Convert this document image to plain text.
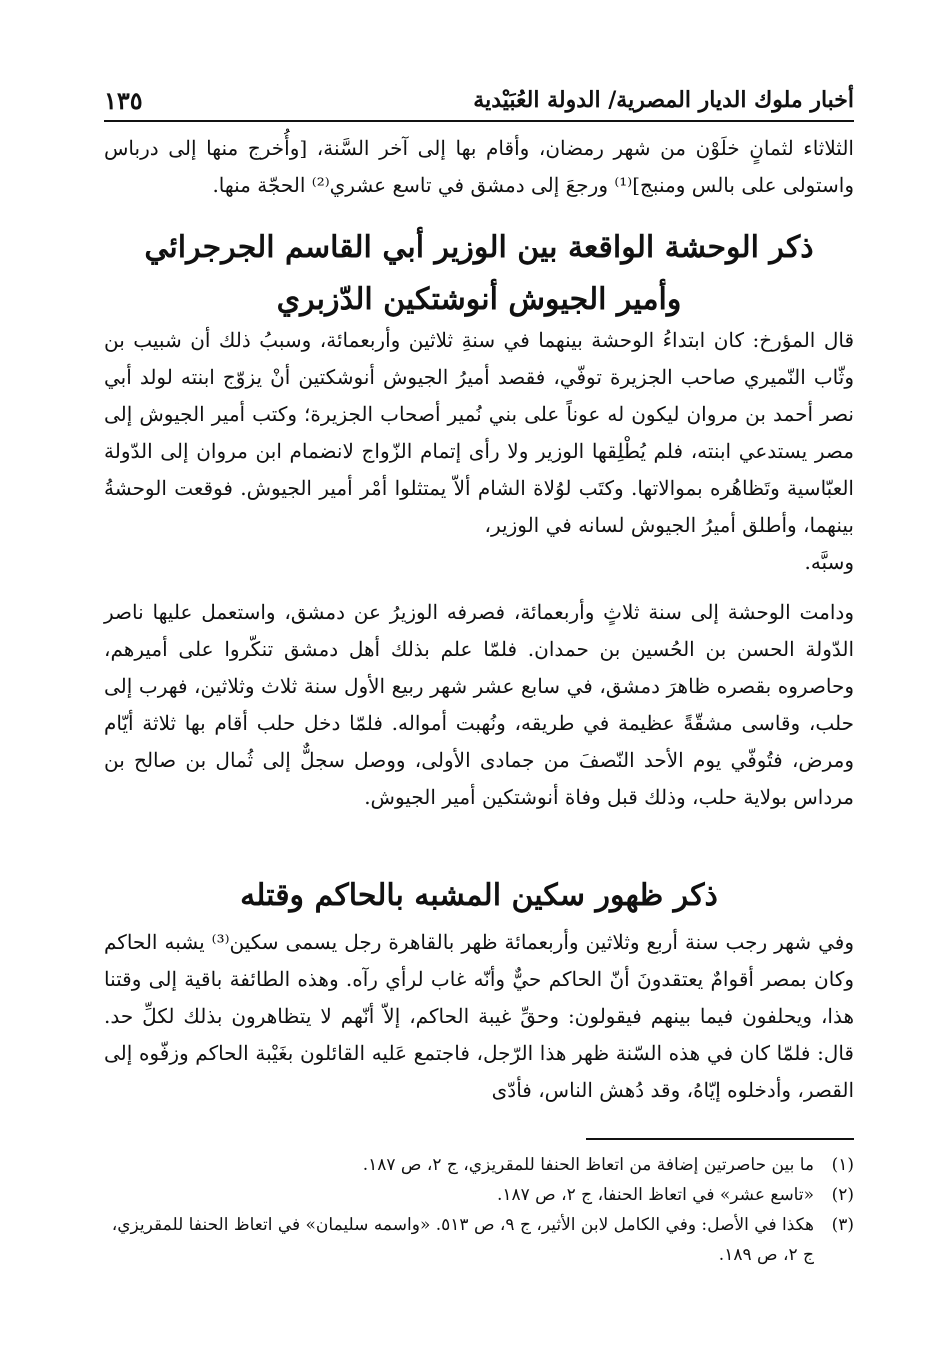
أخبار ملوك الديار المصرية/ الدولة العُبَيْدية
١٣٥
الثلاثاء لثمانٍ خلَوْن من شهر رمضان، وأقام بها إلى آخر السَّنة، [وأُخرج منها إلى درباس واستولى على بالس ومنبج]⁽¹⁾ ورجعَ إلى دمشق في تاسع عشري⁽²⁾ الحجّة منها.
ذكر الوحشة الواقعة بين الوزير أبي القاسم الجرجرائي
وأمير الجيوش أنوشتكين الدّزبري
قال المؤرخ: كان ابتداءُ الوحشة بينهما في سنةِ ثلاثين وأربعمائة، وسببُ ذلك أن شبيب بن وثّاب النّميري صاحب الجزيرة توفّي، فقصد أميرُ الجيوش أنوشكتين أنْ يزوّج ابنته لولد أبي نصر أحمد بن مروان ليكون له عوناً على بني نُمير أصحاب الجزيرة؛ وكتب أمير الجيوش إلى مصر يستدعي ابنته، فلم يُطْلِقها الوزير ولا رأى إتمام الزّواج لانضمام ابن مروان إلى الدّولة العبّاسية وتَظاهُره بموالاتها. وكتَب لوُلاة الشام ألاّ يمتثلوا أمْر أمير الجيوش. فوقعت الوحشةُ بينهما، وأطلق أميرُ الجيوش لسانه في الوزير،
وسبَّه.
ودامت الوحشة إلى سنة ثلاثٍ وأربعمائة، فصرفه الوزيرُ عن دمشق، واستعمل عليها ناصر الدّولة الحسن بن الحُسين بن حمدان. فلمّا علم بذلك أهل دمشق تنكّروا على أميرهم، وحاصروه بقصره ظاهرَ دمشق، في سابع عشر شهر ربيع الأول سنة ثلاث وثلاثين، فهرب إلى حلب، وقاسى مشقّةً عظيمة في طريقه، ونُهبت أمواله. فلمّا دخل حلب أقام بها ثلاثة أيّام ومرض، فتُوفّي يوم الأحد النّصفَ من جمادى الأولى، ووصل سجلٌّ إلى ثُمال بن صالح بن مرداس بولاية حلب، وذلك قبل وفاة أنوشتكين أمير الجيوش.
ذكر ظهور سكين المشبه بالحاكم وقتله
وفي شهر رجب سنة أربع وثلاثين وأربعمائة ظهر بالقاهرة رجل يسمى سكين⁽³⁾ يشبه الحاكم وكان بمصر أقوامٌ يعتقدونَ أنّ الحاكم حيٌّ وأنّه غاب لرأي رآه. وهذه الطائفة باقية إلى وقتنا هذا، ويحلفون فيما بينهم فيقولون: وحقِّ غيبة الحاكم، إلاّ أنّهم لا يتظاهرون بذلك لكلِّ حد. قال: فلمّا كان في هذه السّنة ظهر هذا الرّجل، فاجتمع عَليه القائلون بغَيْبة الحاكم وزفّوه إلى القصر، وأدخلوه إيّاهُ، وقد دُهش الناس، فأدّى
(١)
ما بين حاصرتين إضافة من اتعاظ الحنفا للمقريزي، ج ٢، ص ١٨٧.
(٢)
«تاسع عشر» في اتعاظ الحنفا، ج ٢، ص ١٨٧.
(٣)
هكذا في الأصل: وفي الكامل لابن الأثير، ج ٩، ص ٥١٣. «واسمه سليمان» في اتعاظ الحنفا للمقريزي، ج ٢، ص ١٨٩.
